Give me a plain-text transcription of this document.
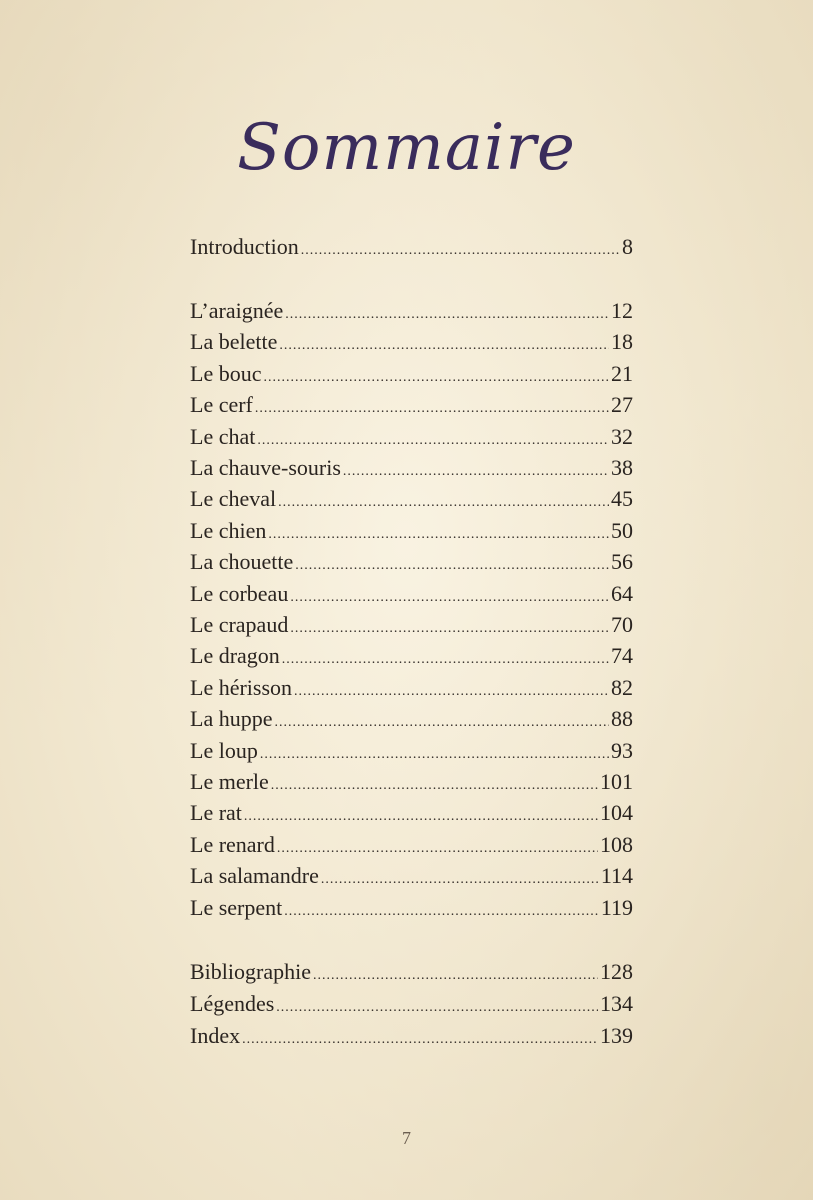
Sommaire
Introduction .....	8
L’araignée .....	12
La belette .....	18
Le bouc .....	21
Le cerf .....	27
Le chat .....	32
La chauve-souris .....	38
Le cheval .....	45
Le chien .....	50
La chouette .....	56
Le corbeau .....	64
Le crapaud .....	70
Le dragon .....	74
Le hérisson .....	82
La huppe .....	88
Le loup .....	93
Le merle .....	101
Le rat .....	104
Le renard .....	108
La salamandre .....	114
Le serpent .....	119
Bibliographie .....	128
Légendes .....	134
Index .....	139
7
